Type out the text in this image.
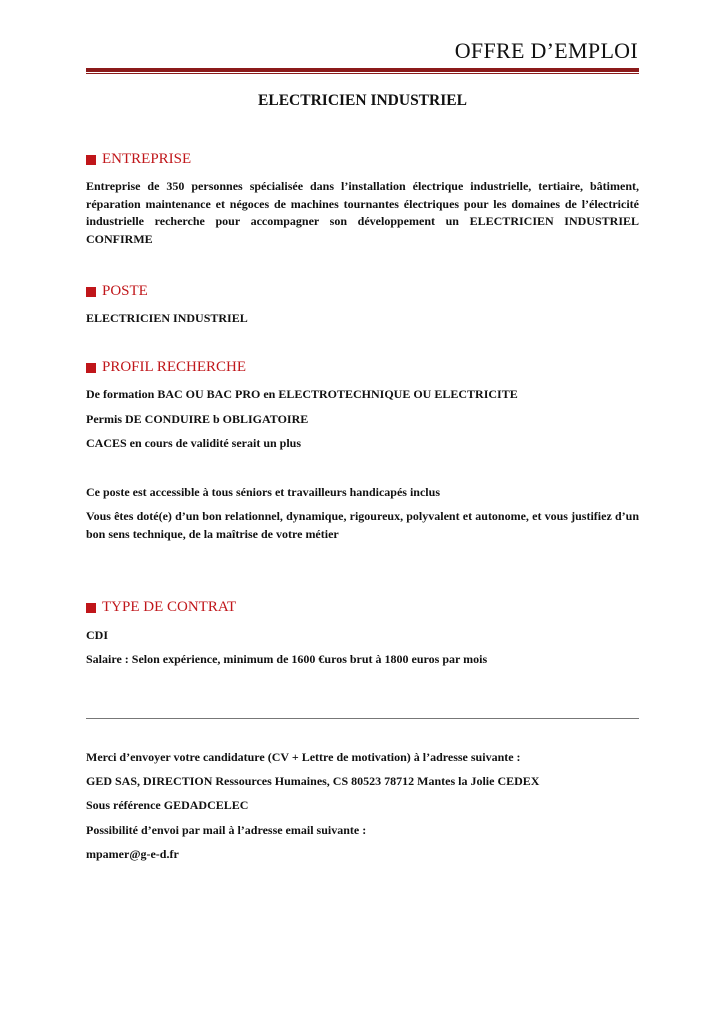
OFFRE D’EMPLOI
ELECTRICIEN INDUSTRIEL
ENTREPRISE
Entreprise de 350 personnes spécialisée dans l’installation électrique industrielle, tertiaire, bâtiment, réparation maintenance et négoces de machines tournantes électriques pour les domaines de l’électricité industrielle recherche pour accompagner son développement un ELECTRICIEN INDUSTRIEL CONFIRME
POSTE
ELECTRICIEN INDUSTRIEL
PROFIL RECHERCHE
De formation BAC OU BAC PRO en ELECTROTECHNIQUE OU ELECTRICITE
Permis DE CONDUIRE b OBLIGATOIRE
CACES en cours de validité serait un plus
Ce poste est accessible à tous séniors et travailleurs handicapés inclus
Vous êtes doté(e) d’un bon relationnel, dynamique, rigoureux, polyvalent et autonome, et vous justifiez d’un bon sens technique, de la maîtrise de votre métier
TYPE DE CONTRAT
CDI
Salaire : Selon expérience, minimum de 1600 €uros brut à 1800 euros par mois
Merci d’envoyer votre candidature (CV + Lettre de motivation) à l’adresse suivante :
GED SAS, DIRECTION Ressources Humaines, CS 80523 78712 Mantes la Jolie CEDEX
Sous référence GEDADCELEC
Possibilité d’envoi par mail à l’adresse email suivante :
mpamer@g-e-d.fr
